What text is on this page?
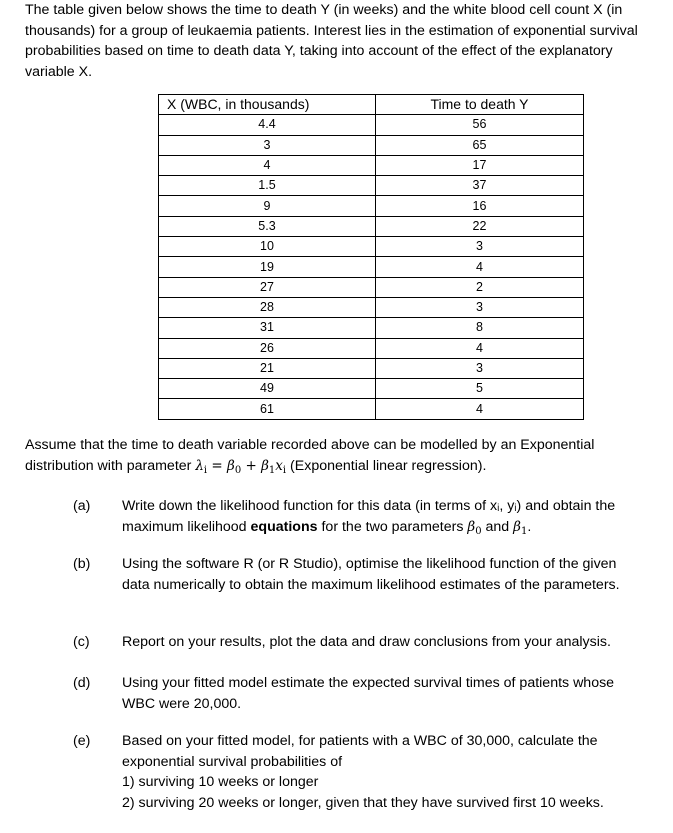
The table given below shows the time to death Y (in weeks) and the white blood cell count X (in thousands) for a group of leukaemia patients. Interest lies in the estimation of exponential survival probabilities based on time to death data Y, taking into account of the effect of the explanatory variable X.

X (WBC, in thousands)	Time to death Y
4.4	56
3	65
4	17
1.5	37
9	16
5.3	22
10	3
19	4
27	2
28	3
31	8
26	4
21	3
49	5
61	4

Assume that the time to death variable recorded above can be modelled by an Exponential distribution with parameter $\lambda_i = \beta_0 + \beta_1x_i$ (Exponential linear regression).

(a) Write down the likelihood function for this data (in terms of xᵢ, yᵢ) and obtain the maximum likelihood equations for the two parameters $\beta_0$ and $\beta_1$.

(b) Using the software R (or R Studio), optimise the likelihood function of the given data numerically to obtain the maximum likelihood estimates of the parameters.

(c) Report on your results, plot the data and draw conclusions from your analysis.

(d) Using your fitted model estimate the expected survival times of patients whose WBC were 20,000.

(e) Based on your fitted model, for patients with a WBC of 30,000, calculate the exponential survival probabilities of

1) surviving 10 weeks or longer

2) surviving 20 weeks or longer, given that they have survived first 10 weeks.
